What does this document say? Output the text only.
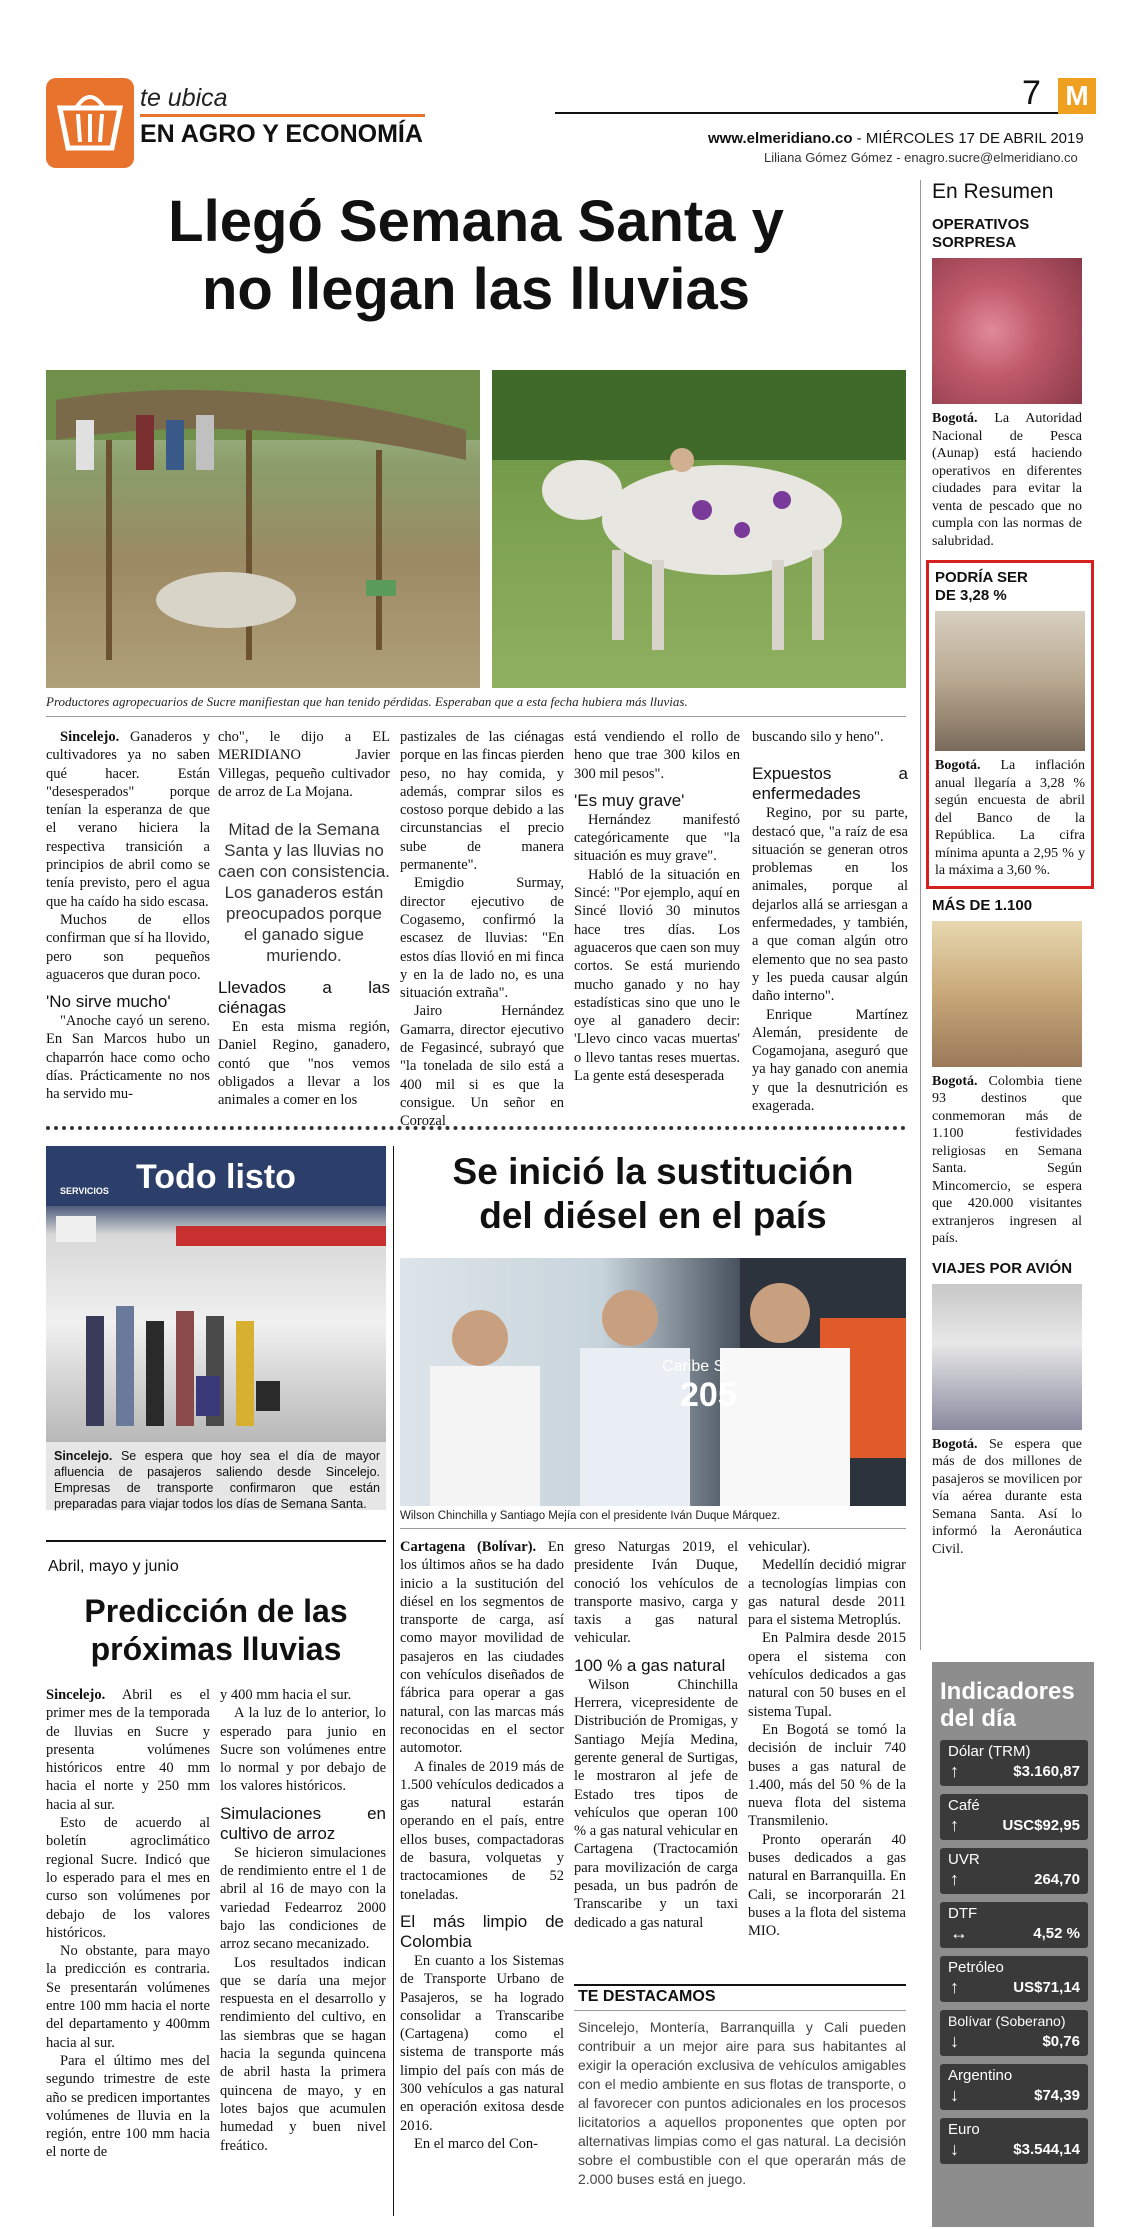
te ubica
EN AGRO Y ECONOMÍA
7 M
www.elmeridiano.co - MIÉRCOLES 17 DE ABRIL 2019
Liliana Gómez Gómez - enagro.sucre@elmeridiano.co
Llegó Semana Santa y
no llegan las lluvias
Productores agropecuarios de Sucre manifiestan que han tenido pérdidas. Esperaban que a esta fecha hubiera más lluvias.

Sincelejo. Ganaderos y cultivadores ya no saben qué hacer. Están "desesperados" porque tenían la esperanza de que el verano hiciera la respectiva transición a principios de abril como se tenía previsto, pero el agua que ha caído ha sido escasa.

Muchos de ellos confirman que sí ha llovido, pero son pequeños aguaceros que duran poco.

'No sirve mucho'

"Anoche cayó un sereno. En San Marcos hubo un chaparrón hace como ocho días. Prácticamente no nos ha servido mu-

cho", le dijo a EL MERIDIANO Javier Villegas, pequeño cultivador de arroz de La Mojana.

Mitad de la Semana Santa y las lluvias no caen con consistencia. Los ganaderos están preocupados porque el ganado sigue muriendo.
Llevados a las ciénagas

En esta misma región, Daniel Regino, ganadero, contó que "nos vemos obligados a llevar a los animales a comer en los

pastizales de las ciénagas porque en las fincas pierden peso, no hay comida, y además, comprar silos es costoso porque debido a las circunstancias el precio sube de manera permanente".

Emigdio Surmay, director ejecutivo de Cogasemo, confirmó la escasez de lluvias: "En estos días llovió en mi finca y en la de lado no, es una situación extraña".

Jairo Hernández Gamarra, director ejecutivo de Fegasincé, subrayó que "la tonelada de silo está a 400 mil si es que la consigue. Un señor en Corozal

está vendiendo el rollo de heno que trae 300 kilos en 300 mil pesos".

'Es muy grave'

Hernández manifestó categóricamente que "la situación es muy grave".

Habló de la situación en Sincé: "Por ejemplo, aquí en Sincé llovió 30 minutos hace tres días. Los aguaceros que caen son muy cortos. Se está muriendo mucho ganado y no hay estadísticas sino que uno le oye al ganadero decir: 'Llevo cinco vacas muertas' o llevo tantas reses muertas. La gente está desesperada

buscando silo y heno".

Expuestos a enfermedades

Regino, por su parte, destacó que, "a raíz de esa situación se generan otros problemas en los animales, porque al dejarlos allá se arriesgan a enfermedades, y también, a que coman algún otro elemento que no sea pasto y les pueda causar algún daño interno".

Enrique Martínez Alemán, presidente de Cogamojana, aseguró que ya hay ganado con anemia y que la desnutrición es exagerada.

Todo listo
SERVICIOS
Sincelejo. Se espera que hoy sea el día de mayor afluencia de pasajeros saliendo desde Sincelejo. Empresas de transporte confirmaron que están preparadas para viajar todos los días de Semana Santa.
Se inició la sustitución
del diésel en el país
Caribe S
205
Wilson Chinchilla y Santiago Mejía con el presidente Iván Duque Márquez.

Cartagena (Bolívar). En los últimos años se ha dado inicio a la sustitución del diésel en los segmentos de transporte de carga, así como mayor movilidad de pasajeros en las ciudades con vehículos diseñados de fábrica para operar a gas natural, con las marcas más reconocidas en el sector automotor.

A finales de 2019 más de 1.500 vehículos dedicados a gas natural estarán operando en el país, entre ellos buses, compactadoras de basura, volquetas y tractocamiones de 52 toneladas.

El más limpio de Colombia

En cuanto a los Sistemas de Transporte Urbano de Pasajeros, se ha logrado consolidar a Transcaribe (Cartagena) como el sistema de transporte más limpio del país con más de 300 vehículos a gas natural en operación exitosa desde 2016.

En el marco del Con-

greso Naturgas 2019, el presidente Iván Duque, conoció los vehículos de transporte masivo, carga y taxis a gas natural vehicular.

100 % a gas natural

Wilson Chinchilla Herrera, vicepresidente de Distribución de Promigas, y Santiago Mejía Medina, gerente general de Surtigas, le mostraron al jefe de Estado tres tipos de vehículos que operan 100 % a gas natural vehicular en Cartagena (Tractocamión para movilización de carga pesada, un bus padrón de Transcaribe y un taxi dedicado a gas natural

vehicular).

Medellín decidió migrar a tecnologías limpias con gas natural desde 2011 para el sistema Metroplús.

En Palmira desde 2015 opera el sistema con vehículos dedicados a gas natural con 50 buses en el sistema Tupal.

En Bogotá se tomó la decisión de incluir 740 buses a gas natural de 1.400, más del 50 % de la nueva flota del sistema Transmilenio.

Pronto operarán 40 buses dedicados a gas natural en Barranquilla. En Cali, se incorporarán 21 buses a la flota del sistema MIO.

TE DESTACAMOS
Sincelejo, Montería, Barranquilla y Cali pueden contribuir a un mejor aire para sus habitantes al exigir la operación exclusiva de vehículos amigables con el medio ambiente en sus flotas de transporte, o al favorecer con puntos adicionales en los procesos licitatorios a aquellos proponentes que opten por alternativas limpias como el gas natural. La decisión sobre el combustible con el que operarán más de 2.000 buses está en juego.
Abril, mayo y junio
Predicción de las
próximas lluvias

Sincelejo. Abril es el primer mes de la temporada de lluvias en Sucre y presenta volúmenes históricos entre 40 mm hacia el norte y 250 mm hacia al sur.

Esto de acuerdo al boletín agroclimático regional Sucre. Indicó que lo esperado para el mes en curso son volúmenes por debajo de los valores históricos.

No obstante, para mayo la predicción es contraria. Se presentarán volúmenes entre 100 mm hacia el norte del departamento y 400mm hacia al sur.

Para el último mes del segundo trimestre de este año se predicen importantes volúmenes de lluvia en la región, entre 100 mm hacia el norte de

y 400 mm hacia el sur.

A la luz de lo anterior, lo esperado para junio en Sucre son volúmenes entre lo normal y por debajo de los valores históricos.

Simulaciones en cultivo de arroz

Se hicieron simulaciones de rendimiento entre el 1 de abril al 16 de mayo con la variedad Fedearroz 2000 bajo las condiciones de arroz secano mecanizado.

Los resultados indican que se daría una mejor respuesta en el desarrollo y rendimiento del cultivo, en las siembras que se hagan hacia la segunda quincena de abril hasta la primera quincena de mayo, y en lotes bajos que acumulen humedad y buen nivel freático.

En Resumen
OPERATIVOS SORPRESA
Bogotá. La Autoridad Nacional de Pesca (Aunap) está haciendo operativos en diferentes ciudades para evitar la venta de pescado que no cumpla con las normas de salubridad.
PODRÍA SER DE 3,28 %
Bogotá. La inflación anual llegaría a 3,28 % según encuesta de abril del Banco de la República. La cifra mínima apunta a 2,95 % y la máxima a 3,60 %.
MÁS DE 1.100
Bogotá. Colombia tiene 93 destinos que conmemoran más de 1.100 festividades religiosas en Semana Santa. Según Mincomercio, se espera que 420.000 visitantes extranjeros ingresen al país.
VIAJES POR AVIÓN
Bogotá. Se espera que más de dos millones de pasajeros se movilicen por vía aérea durante esta Semana Santa. Así lo informó la Aeronáutica Civil.
Indicadores
del día
Dólar (TRM)
↑	$3.160,87
Café
↑	USC$92,95
UVR
↑	264,70
DTF
↔	4,52 %
Petróleo
↑	US$71,14
Bolívar (Soberano)
↓	$0,76
Argentino
↓	$74,39
Euro
↓	$3.544,14
